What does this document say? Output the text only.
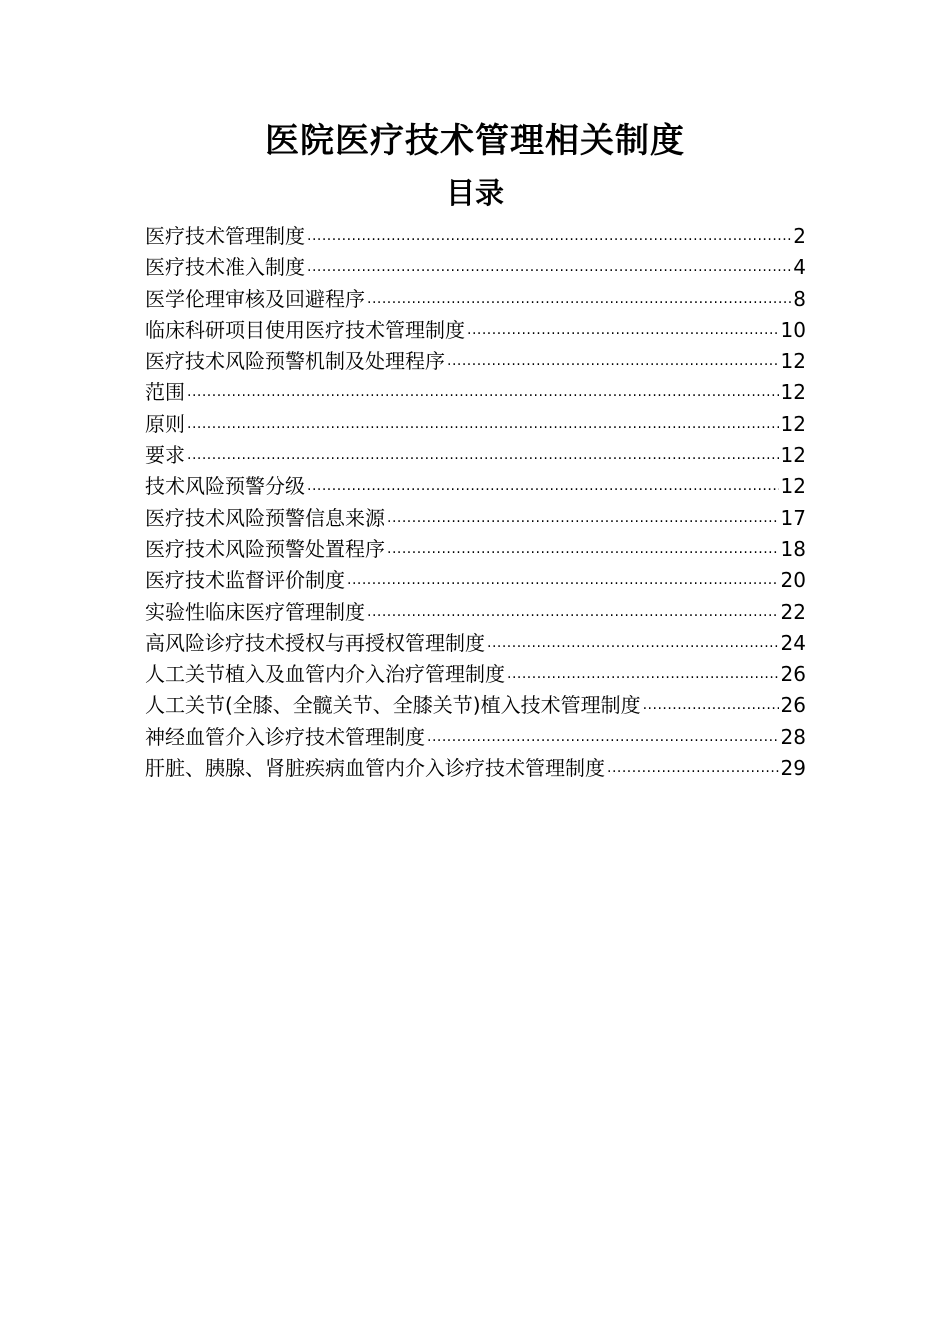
医院医疗技术管理相关制度
目录
医疗技术管理制度 .....	2
医疗技术准入制度 .....	4
医学伦理审核及回避程序 .....	8
临床科研项目使用医疗技术管理制度 .....	10
医疗技术风险预警机制及处理程序 .....	12
范围 .....	12
原则 .....	12
要求 .....	12
技术风险预警分级 .....	12
医疗技术风险预警信息来源 .....	17
医疗技术风险预警处置程序 .....	18
医疗技术监督评价制度 .....	20
实验性临床医疗管理制度 .....	22
高风险诊疗技术授权与再授权管理制度 .....	24
人工关节植入及血管内介入治疗管理制度 .....	26
人工关节(全膝、全髋关节、全膝关节)植入技术管理制度 .....	26
神经血管介入诊疗技术管理制度 .....	28
肝脏、胰腺、肾脏疾病血管内介入诊疗技术管理制度 .....	29
